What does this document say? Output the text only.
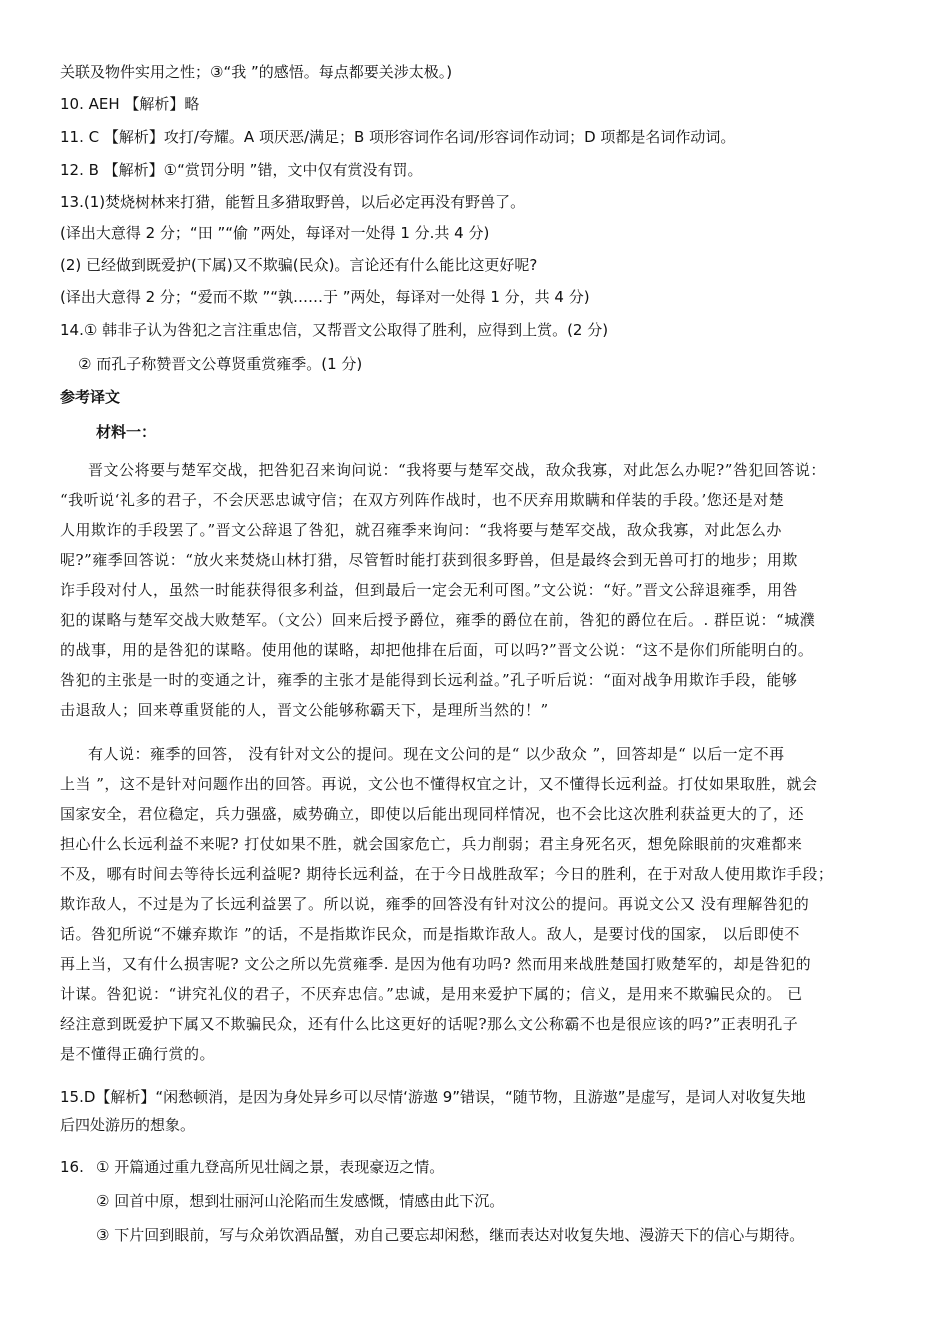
关联及物件实用之性；③“我 ”的感悟。每点都要关涉太极。)
10. AEH 【解析】略
11. C 【解析】攻打/夸耀。A 项厌恶/满足；B 项形容词作名词/形容词作动词；D 项都是名词作动词。
12. B 【解析】①“赏罚分明 ”错，文中仅有赏没有罚。
13.(1)焚烧树林来打猎，能暂且多猎取野兽，以后必定再没有野兽了。
(译出大意得 2 分；“田 ”“偷 ”两处，每译对一处得 1 分.共 4 分)
(2) 已经做到既爱护(下属)又不欺骗(民众)。言论还有什么能比这更好呢?
(译出大意得 2 分；“爱而不欺 ”“孰……于 ”两处，每译对一处得 1 分，共 4 分)
14.① 韩非子认为咎犯之言注重忠信，又帮晋文公取得了胜利，应得到上赏。(2 分)
② 而孔子称赞晋文公尊贤重赏雍季。(1 分)
参考译文
材料一：
晋文公将要与楚军交战，把咎犯召来询问说：“我将要与楚军交战，敌众我寡，对此怎么办呢?”咎犯回答说：
“我听说‘礼多的君子，不会厌恶忠诚守信；在双方列阵作战时，也不厌弃用欺瞒和佯装的手段。’您还是对楚
人用欺诈的手段罢了。”晋文公辞退了咎犯，就召雍季来询问：“我将要与楚军交战，敌众我寡，对此怎么办
呢?”雍季回答说：“放火来焚烧山林打猎，尽管暂时能打获到很多野兽，但是最终会到无兽可打的地步；用欺
诈手段对付人，虽然一时能获得很多利益，但到最后一定会无利可图。”文公说：“好。”晋文公辞退雍季，用咎
犯的谋略与楚军交战大败楚军。（文公）回来后授予爵位，雍季的爵位在前，咎犯的爵位在后。. 群臣说：“城濮
的战事，用的是咎犯的谋略。使用他的谋略，却把他排在后面，可以吗?”晋文公说：“这不是你们所能明白的。
咎犯的主张是一时的变通之计，雍季的主张才是能得到长远利益。”孔子听后说：“面对战争用欺诈手段，能够
击退敌人；回来尊重贤能的人，晋文公能够称霸天下，是理所当然的！”
有人说：雍季的回答， 没有针对文公的提问。现在文公问的是“ 以少敌众 ”，回答却是“ 以后一定不再
上当 ”，这不是针对问题作出的回答。再说，文公也不懂得权宜之计，又不懂得长远利益。打仗如果取胜，就会
国家安全，君位稳定，兵力强盛，威势确立，即使以后能出现同样情况，也不会比这次胜利获益更大的了，还
担心什么长远利益不来呢? 打仗如果不胜，就会国家危亡，兵力削弱；君主身死名灭，想免除眼前的灾难都来
不及，哪有时间去等待长远利益呢? 期待长远利益，在于今日战胜敌军；今日的胜利，在于对敌人使用欺诈手段；
欺诈敌人，不过是为了长远利益罢了。所以说，雍季的回答没有针对汶公的提问。再说文公又 没有理解咎犯的
话。咎犯所说“不嫌弃欺诈 ”的话，不是指欺诈民众，而是指欺诈敌人。敌人，是要讨伐的国家， 以后即使不
再上当，又有什么损害呢? 文公之所以先赏雍季. 是因为他有功吗? 然而用来战胜楚国打败楚军的，却是咎犯的
计谋。咎犯说：“讲究礼仪的君子，不厌弃忠信。”忠诚，是用来爱护下属的；信义，是用来不欺骗民众的。 已
经注意到既爱护下属又不欺骗民众，还有什么比这更好的话呢?那么文公称霸不也是很应该的吗?”正表明孔子
是不懂得正确行赏的。
15.D【解析】“闲愁顿消，是因为身处异乡可以尽情‘游遨 9”错误，“随节物，且游遨”是虚写，是词人对收复失地
后四处游历的想象。
16. ① 开篇通过重九登高所见壮阔之景，表现豪迈之情。
② 回首中原，想到壮丽河山沦陷而生发感慨，情感由此下沉。
③ 下片回到眼前，写与众弟饮酒品蟹，劝自己要忘却闲愁，继而表达对收复失地、漫游天下的信心与期待。
